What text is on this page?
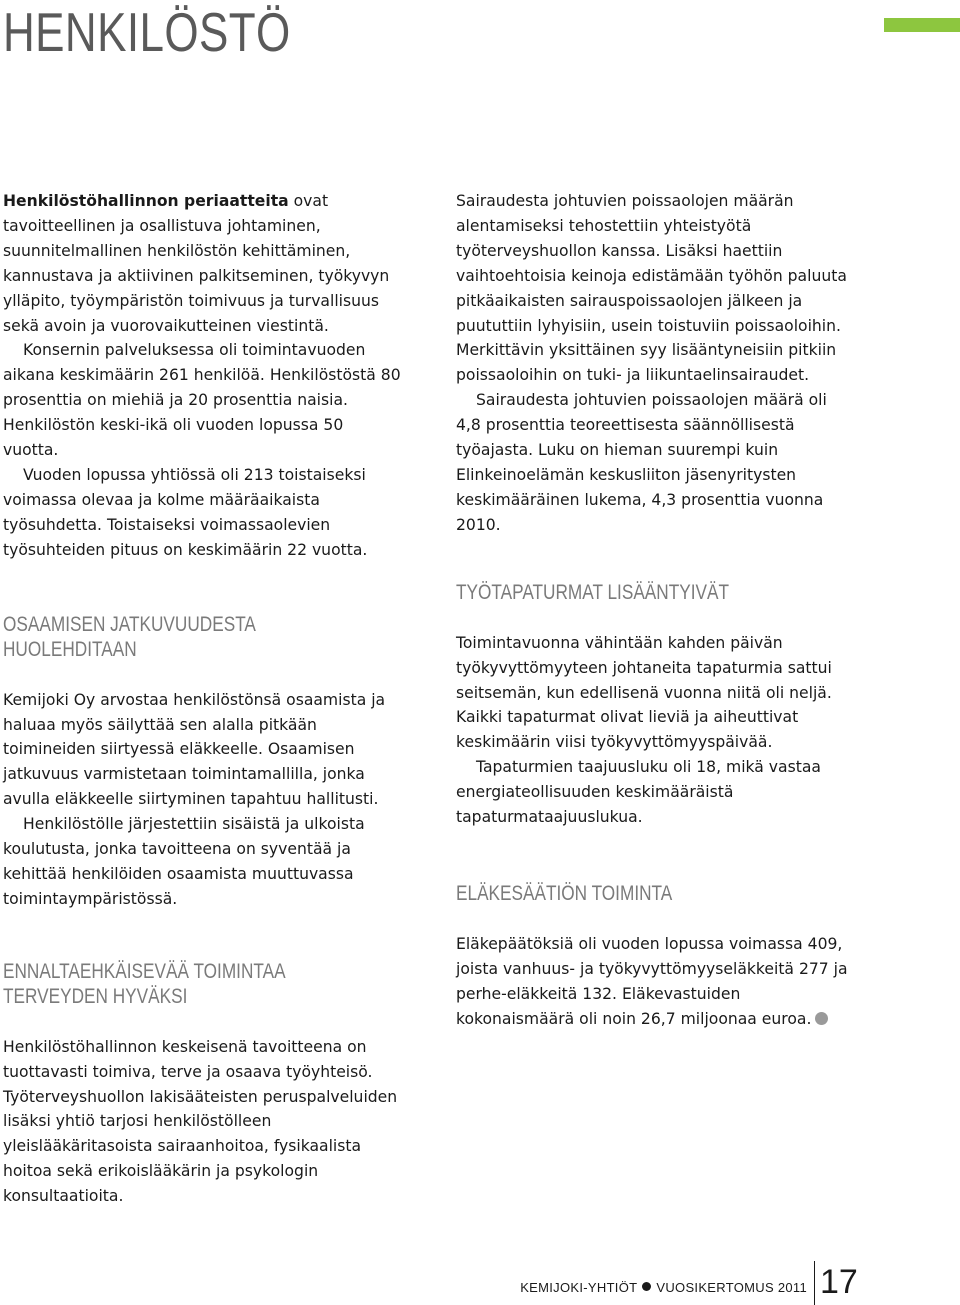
HENKILÖSTÖ

Henkilöstöhallinnon periaatteita ovat tavoitteellinen ja osallistuva johtaminen, suunnitelmallinen henkilöstön kehittäminen, kannustava ja aktiivinen palkitseminen, työkyvyn ylläpito, työympäristön toimivuus ja turvallisuus sekä avoin ja vuorovaikutteinen viestintä.

Konsernin palveluksessa oli toimintavuoden aikana keskimäärin 261 henkilöä. Henkilöstöstä 80 prosenttia on miehiä ja 20 prosenttia naisia. Henkilöstön keski-ikä oli vuoden lopussa 50 vuotta.

Vuoden lopussa yhtiössä oli 213 toistaiseksi voimassa olevaa ja kolme määräaikaista työsuhdetta. Toistaiseksi voimassaolevien työsuhteiden pituus on keskimäärin 22 vuotta.

OSAAMISEN JATKUVUUDESTA
HUOLEHDITAAN

Kemijoki Oy arvostaa henkilöstönsä osaamista ja haluaa myös säilyttää sen alalla pitkään toimineiden siirtyessä eläkkeelle. Osaamisen jatkuvuus varmistetaan toimintamallilla, jonka avulla eläkkeelle siirtyminen tapahtuu hallitusti.

Henkilöstölle järjestettiin sisäistä ja ulkoista koulutusta, jonka tavoitteena on syventää ja kehittää henkilöiden osaamista muuttuvassa toimintaympäristössä.

ENNALTAEHKÄISEVÄÄ TOIMINTAA
TERVEYDEN HYVÄKSI

Henkilöstöhallinnon keskeisenä tavoitteena on tuottavasti toimiva, terve ja osaava työyhteisö. Työterveyshuollon lakisääteisten peruspalveluiden lisäksi yhtiö tarjosi henkilöstölleen yleislääkäritasoista sairaanhoitoa, fysikaalista hoitoa sekä erikoislääkärin ja psykologin konsultaatioita.

Sairaudesta johtuvien poissaolojen määrän alentamiseksi tehostettiin yhteistyötä työterveyshuollon kanssa. Lisäksi haettiin vaihtoehtoisia keinoja edistämään työhön paluuta pitkäaikaisten sairauspoissaolojen jälkeen ja puututtiin lyhyisiin, usein toistuviin poissaoloihin. Merkittävin yksittäinen syy lisääntyneisiin pitkiin poissaoloihin on tuki- ja liikuntaelinsairaudet.

Sairaudesta johtuvien poissaolojen määrä oli 4,8 prosenttia teoreettisesta säännöllisestä työajasta. Luku on hieman suurempi kuin Elinkeinoelämän keskusliiton jäsenyritysten keskimääräinen lukema, 4,3 prosenttia vuonna 2010.

TYÖTAPATURMAT LISÄÄNTYIVÄT

Toimintavuonna vähintään kahden päivän työkyvyttömyyteen johtaneita tapaturmia sattui seitsemän, kun edellisenä vuonna niitä oli neljä. Kaikki tapaturmat olivat lieviä ja aiheuttivat keskimäärin viisi työkyvyttömyyspäivää.

Tapaturmien taajuusluku oli 18, mikä vastaa energiateollisuuden keskimääräistä tapaturmataajuuslukua.

ELÄKESÄÄTIÖN TOIMINTA

Eläkepäätöksiä oli vuoden lopussa voimassa 409, joista vanhuus- ja työkyvyttömyyseläkkeitä 277 ja perhe-eläkkeitä 132. Eläkevastuiden kokonaismäärä oli noin 26,7 miljoonaa euroa.

KEMIJOKI-YHTIÖT VUOSIKERTOMUS 2011 17
